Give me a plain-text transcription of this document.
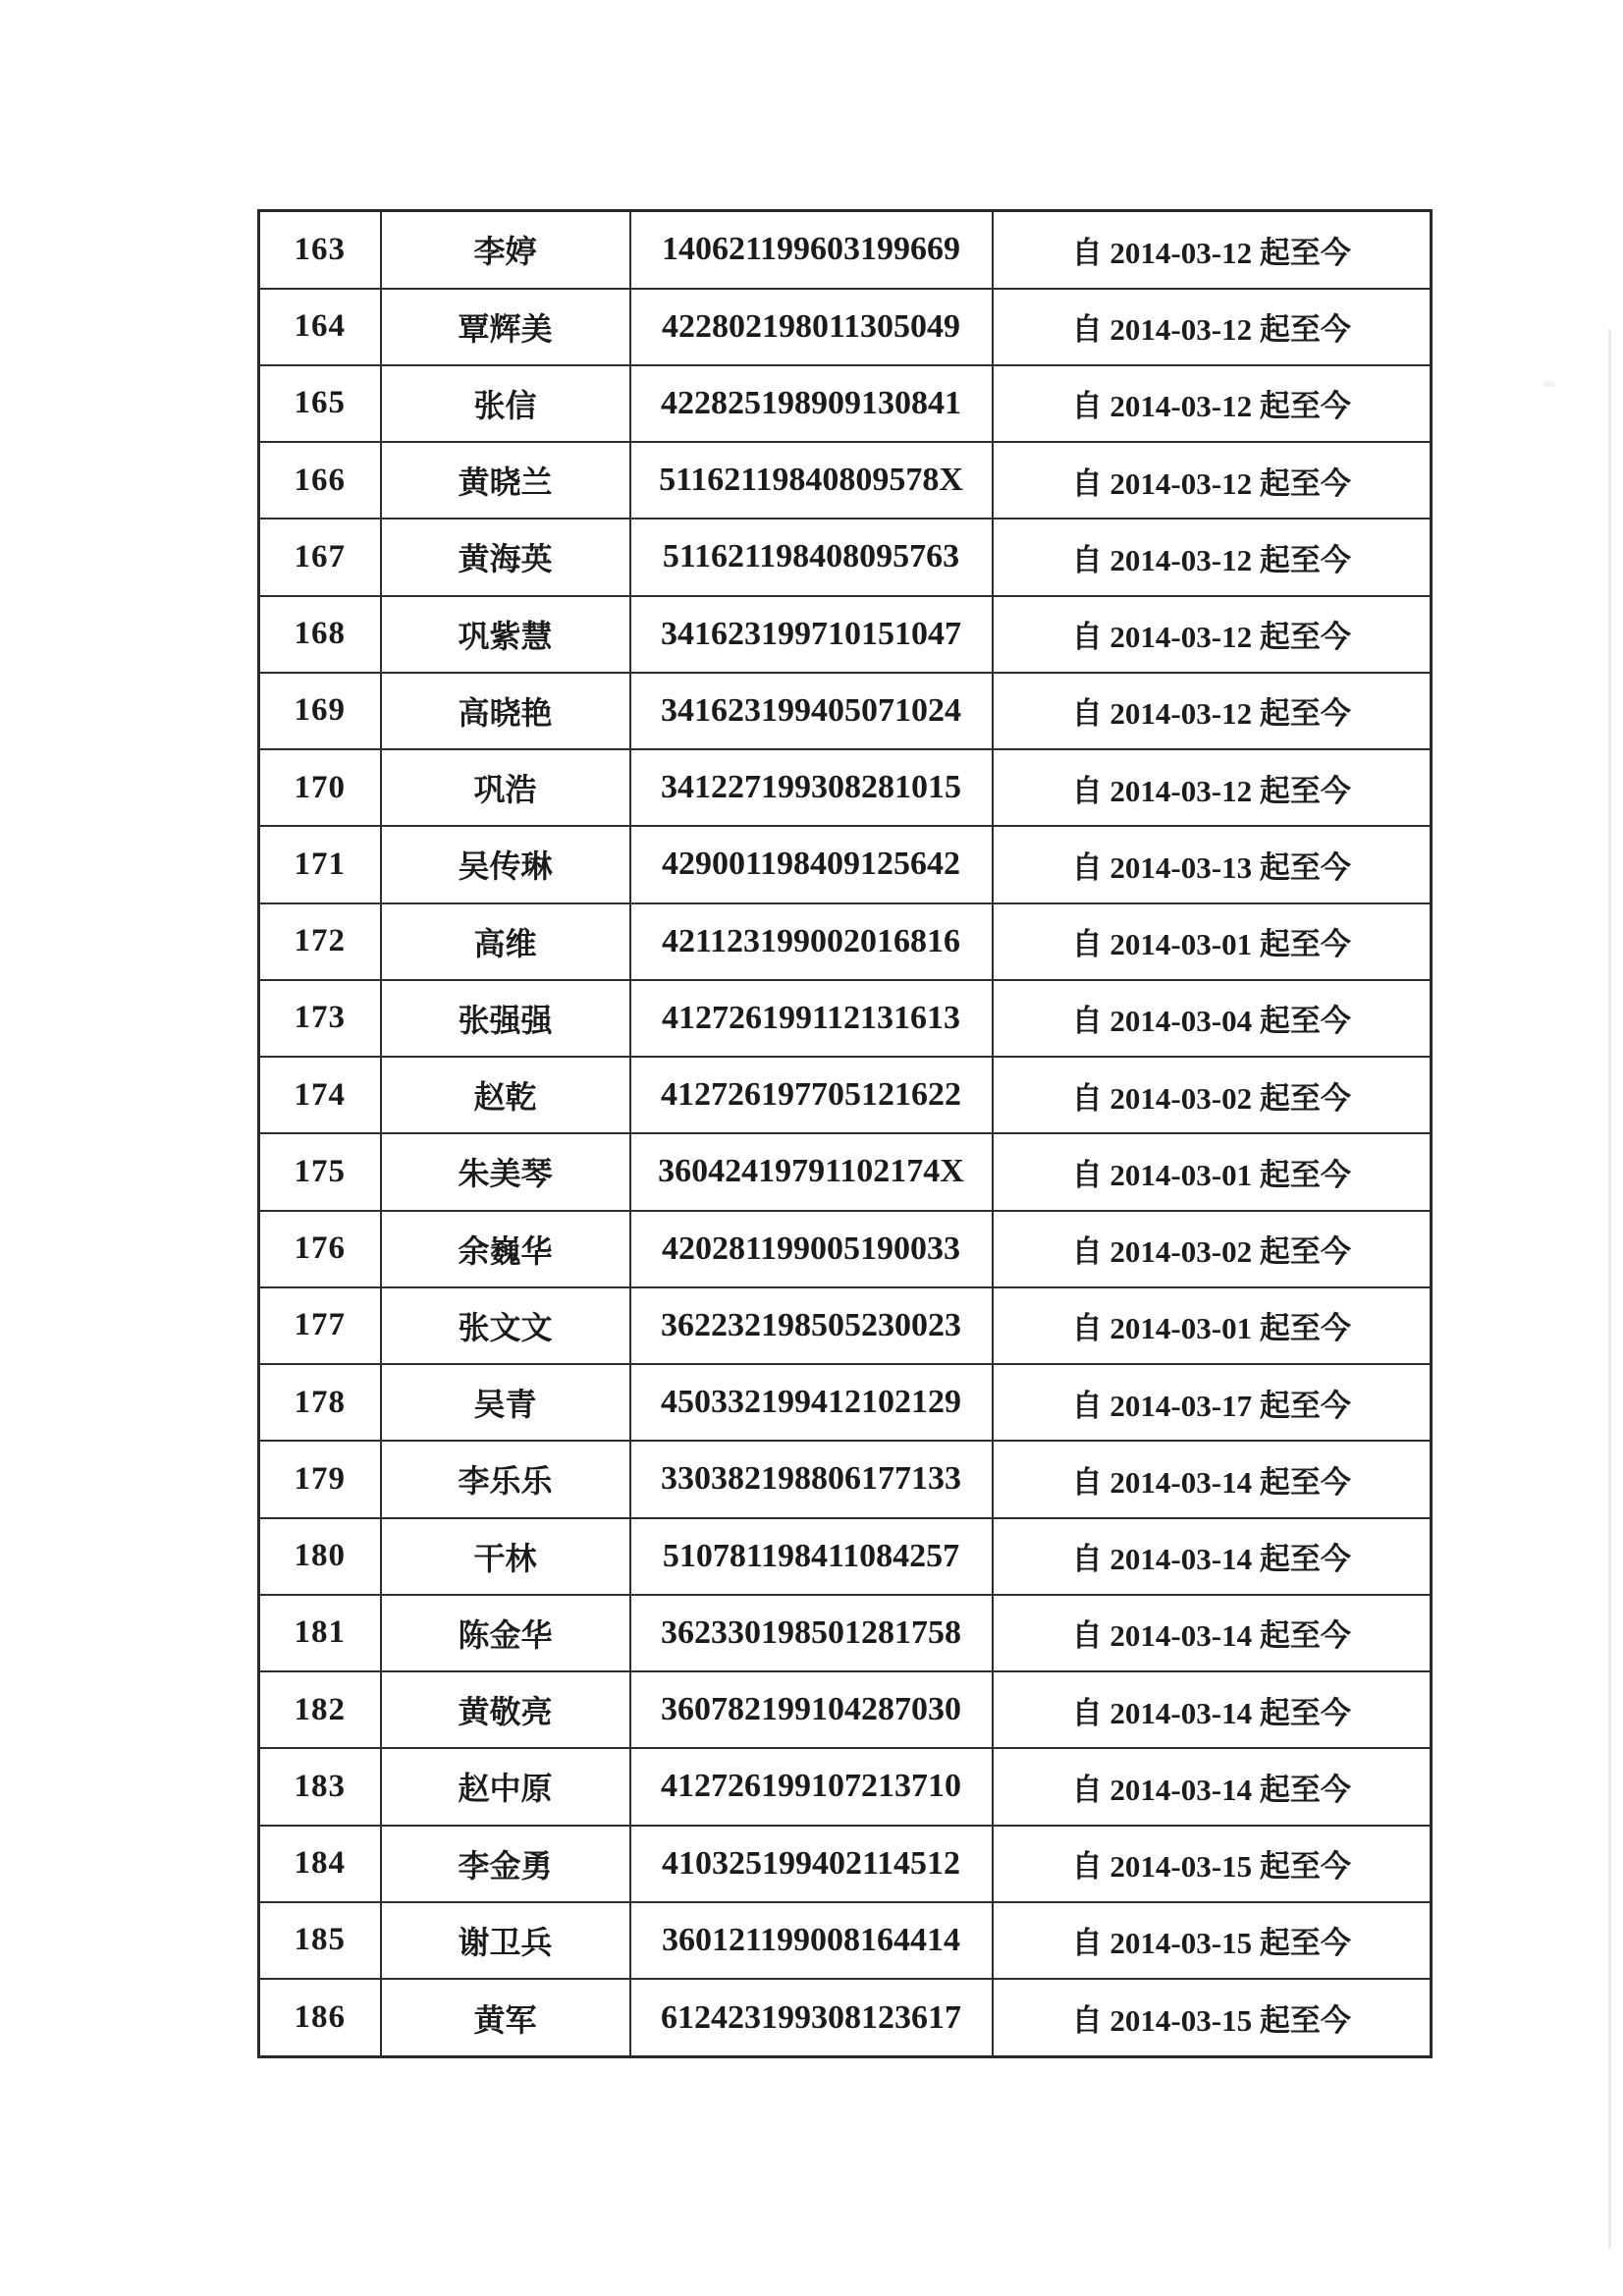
163	李婷	140621199603199669	自 2014-03-12 起至今
164	覃辉美	422802198011305049	自 2014-03-12 起至今
165	张信	422825198909130841	自 2014-03-12 起至今
166	黄晓兰	51162119840809578X	自 2014-03-12 起至今
167	黄海英	511621198408095763	自 2014-03-12 起至今
168	巩紫慧	341623199710151047	自 2014-03-12 起至今
169	高晓艳	341623199405071024	自 2014-03-12 起至今
170	巩浩	341227199308281015	自 2014-03-12 起至今
171	吴传琳	429001198409125642	自 2014-03-13 起至今
172	高维	421123199002016816	自 2014-03-01 起至今
173	张强强	412726199112131613	自 2014-03-04 起至今
174	赵乾	412726197705121622	自 2014-03-02 起至今
175	朱美琴	36042419791102174X	自 2014-03-01 起至今
176	余巍华	420281199005190033	自 2014-03-02 起至今
177	张文文	362232198505230023	自 2014-03-01 起至今
178	吴青	450332199412102129	自 2014-03-17 起至今
179	李乐乐	330382198806177133	自 2014-03-14 起至今
180	干林	510781198411084257	自 2014-03-14 起至今
181	陈金华	362330198501281758	自 2014-03-14 起至今
182	黄敬亮	360782199104287030	自 2014-03-14 起至今
183	赵中原	412726199107213710	自 2014-03-14 起至今
184	李金勇	410325199402114512	自 2014-03-15 起至今
185	谢卫兵	360121199008164414	自 2014-03-15 起至今
186	黄军	612423199308123617	自 2014-03-15 起至今
